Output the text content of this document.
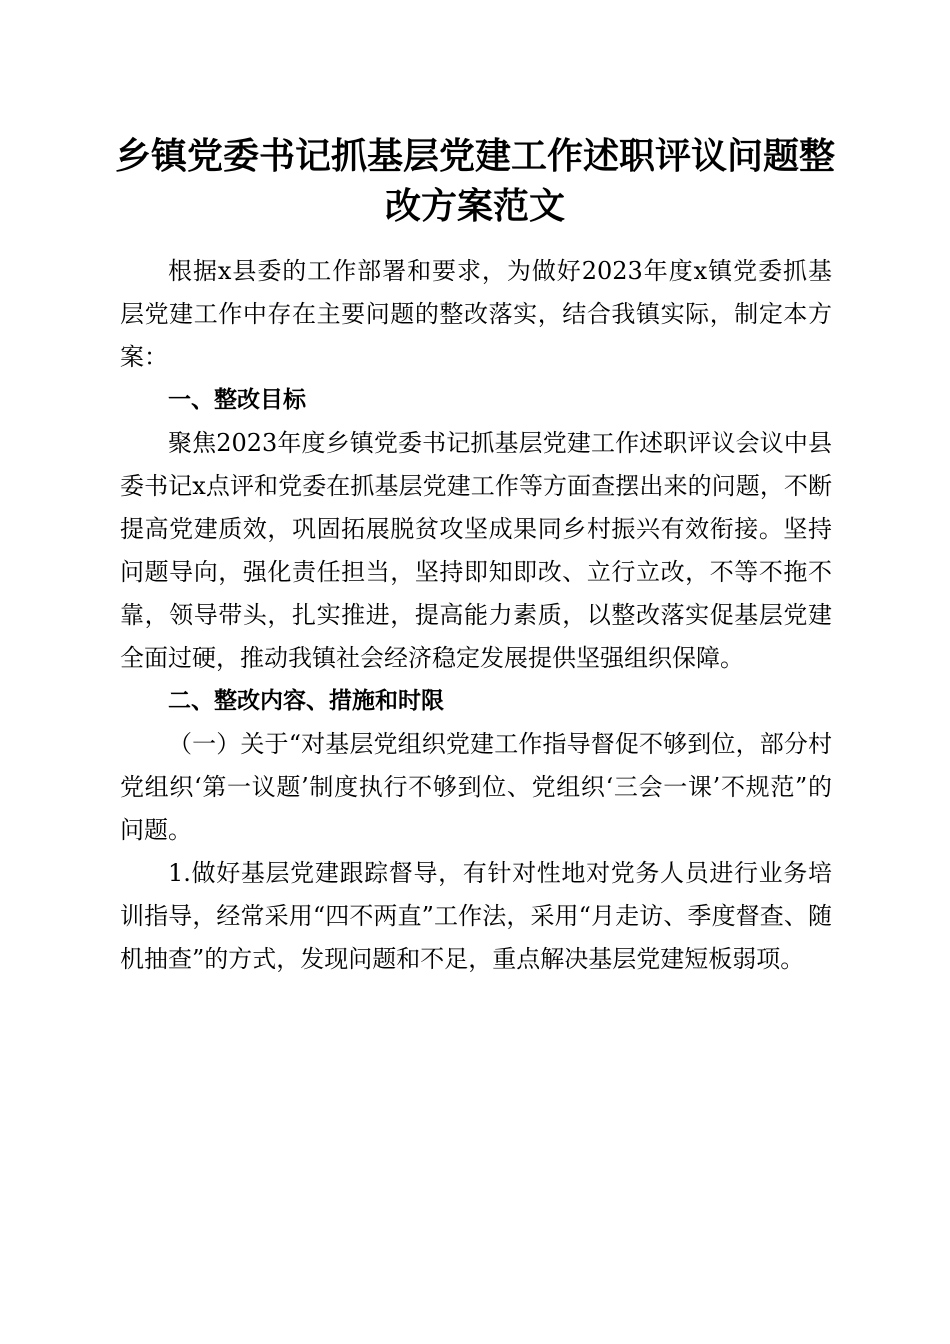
乡镇党委书记抓基层党建工作述职评议问题整
改方案范文

根据x县委的工作部署和要求，为做好2023年度x镇党委抓基层党建工作中存在主要问题的整改落实，结合我镇实际，制定本方案：

一、整改目标

聚焦2023年度乡镇党委书记抓基层党建工作述职评议会议中县委书记x点评和党委在抓基层党建工作等方面查摆出来的问题，不断提高党建质效，巩固拓展脱贫攻坚成果同乡村振兴有效衔接。坚持问题导向，强化责任担当，坚持即知即改、立行立改，不等不拖不靠，领导带头，扎实推进，提高能力素质，以整改落实促基层党建全面过硬，推动我镇社会经济稳定发展提供坚强组织保障。

二、整改内容、措施和时限

（一）关于“对基层党组织党建工作指导督促不够到位，部分村党组织‘第一议题’制度执行不够到位、党组织‘三会一课’不规范”的问题。

1.做好基层党建跟踪督导，有针对性地对党务人员进行业务培训指导，经常采用“四不两直”工作法，采用“月走访、季度督查、随机抽查”的方式，发现问题和不足，重点解决基层党建短板弱项。
